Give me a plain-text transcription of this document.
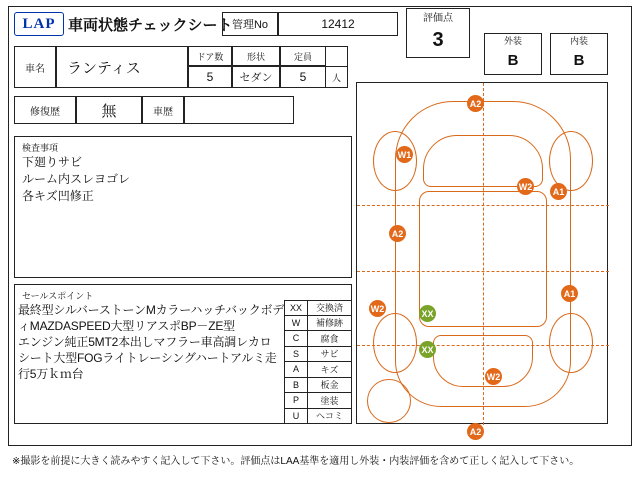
LAP 車両状態チェックシート 管理No	12412	評価点
3	外装
B
内装
B
車名	ランティス
ドア数
5
形状
セダン
定員
5	人
修復歴	無	車歴
検査事項
下廻りサビ
ルーム内スレヨゴレ
各キズ凹修正
セールスポイント
最終型シルバーストーンMカラーハッチバックボデ
ィMAZDASPEED大型リアスポBP－ZE型
エンジン純正5MT2本出しマフラー車高調レカロ
シート大型FOGライトレーシングハートアルミ走
行5万ｋｍ台
XX	交換済
W	補修跡
C	腐食
S	サビ
A	キズ
B	板金
P	塗装
U	ヘコミ
A2
W1
W2	A1
A2
A1
W2	XX
XX
W2
A2
※撮影を前提に大きく読みやすく記入して下さい。評価点はLAA基準を適用し外装・内装評価を含めて正しく記入して下さい。
